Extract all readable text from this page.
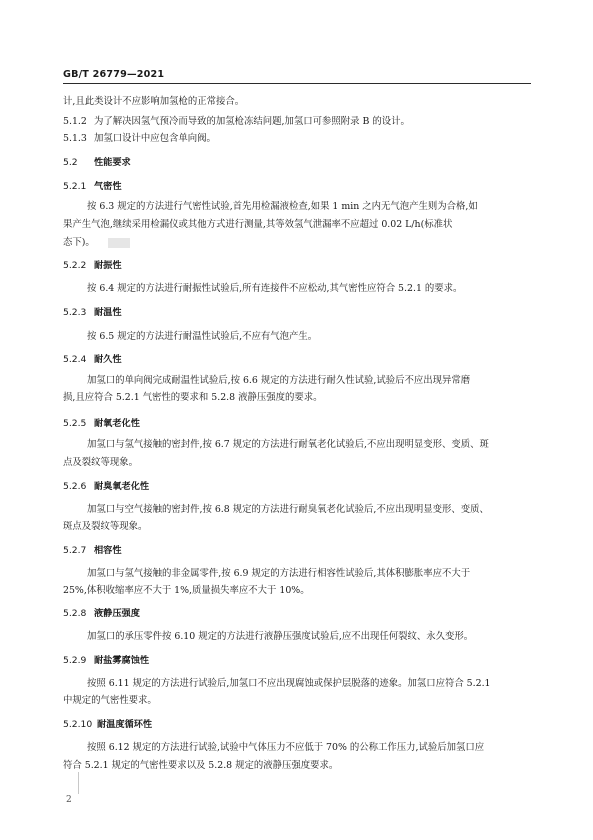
GB/T 26779—2021
计,且此类设计不应影响加氢枪的正常接合。
5.1.2 为了解决因氢气预冷而导致的加氢枪冻结问题,加氢口可参照附录 B 的设计。
5.1.3 加氢口设计中应包含单向阀。
5.2 性能要求
5.2.1 气密性
按 6.3 规定的方法进行气密性试验,首先用检漏液检查,如果 1 min 之内无气泡产生则为合格,如
果产生气泡,继续采用检漏仪或其他方式进行测量,其等效氢气泄漏率不应超过 0.02 L/h(标准状
态下)。
5.2.2 耐振性
按 6.4 规定的方法进行耐振性试验后,所有连接件不应松动,其气密性应符合 5.2.1 的要求。
5.2.3 耐温性
按 6.5 规定的方法进行耐温性试验后,不应有气泡产生。
5.2.4 耐久性
加氢口的单向阀完成耐温性试验后,按 6.6 规定的方法进行耐久性试验,试验后不应出现异常磨
损,且应符合 5.2.1 气密性的要求和 5.2.8 液静压强度的要求。
5.2.5 耐氧老化性
加氢口与氢气接触的密封件,按 6.7 规定的方法进行耐氧老化试验后,不应出现明显变形、变质、斑
点及裂纹等现象。
5.2.6 耐臭氧老化性
加氢口与空气接触的密封件,按 6.8 规定的方法进行耐臭氧老化试验后,不应出现明显变形、变质、
斑点及裂纹等现象。
5.2.7 相容性
加氢口与氢气接触的非金属零件,按 6.9 规定的方法进行相容性试验后,其体积膨胀率应不大于
25%,体积收缩率应不大于 1%,质量损失率应不大于 10%。
5.2.8 液静压强度
加氢口的承压零件按 6.10 规定的方法进行液静压强度试验后,应不出现任何裂纹、永久变形。
5.2.9 耐盐雾腐蚀性
按照 6.11 规定的方法进行试验后,加氢口不应出现腐蚀或保护层脱落的迹象。加氢口应符合 5.2.1
中规定的气密性要求。
5.2.10 耐温度循环性
按照 6.12 规定的方法进行试验,试验中气体压力不应低于 70% 的公称工作压力,试验后加氢口应
符合 5.2.1 规定的气密性要求以及 5.2.8 规定的液静压强度要求。
2
